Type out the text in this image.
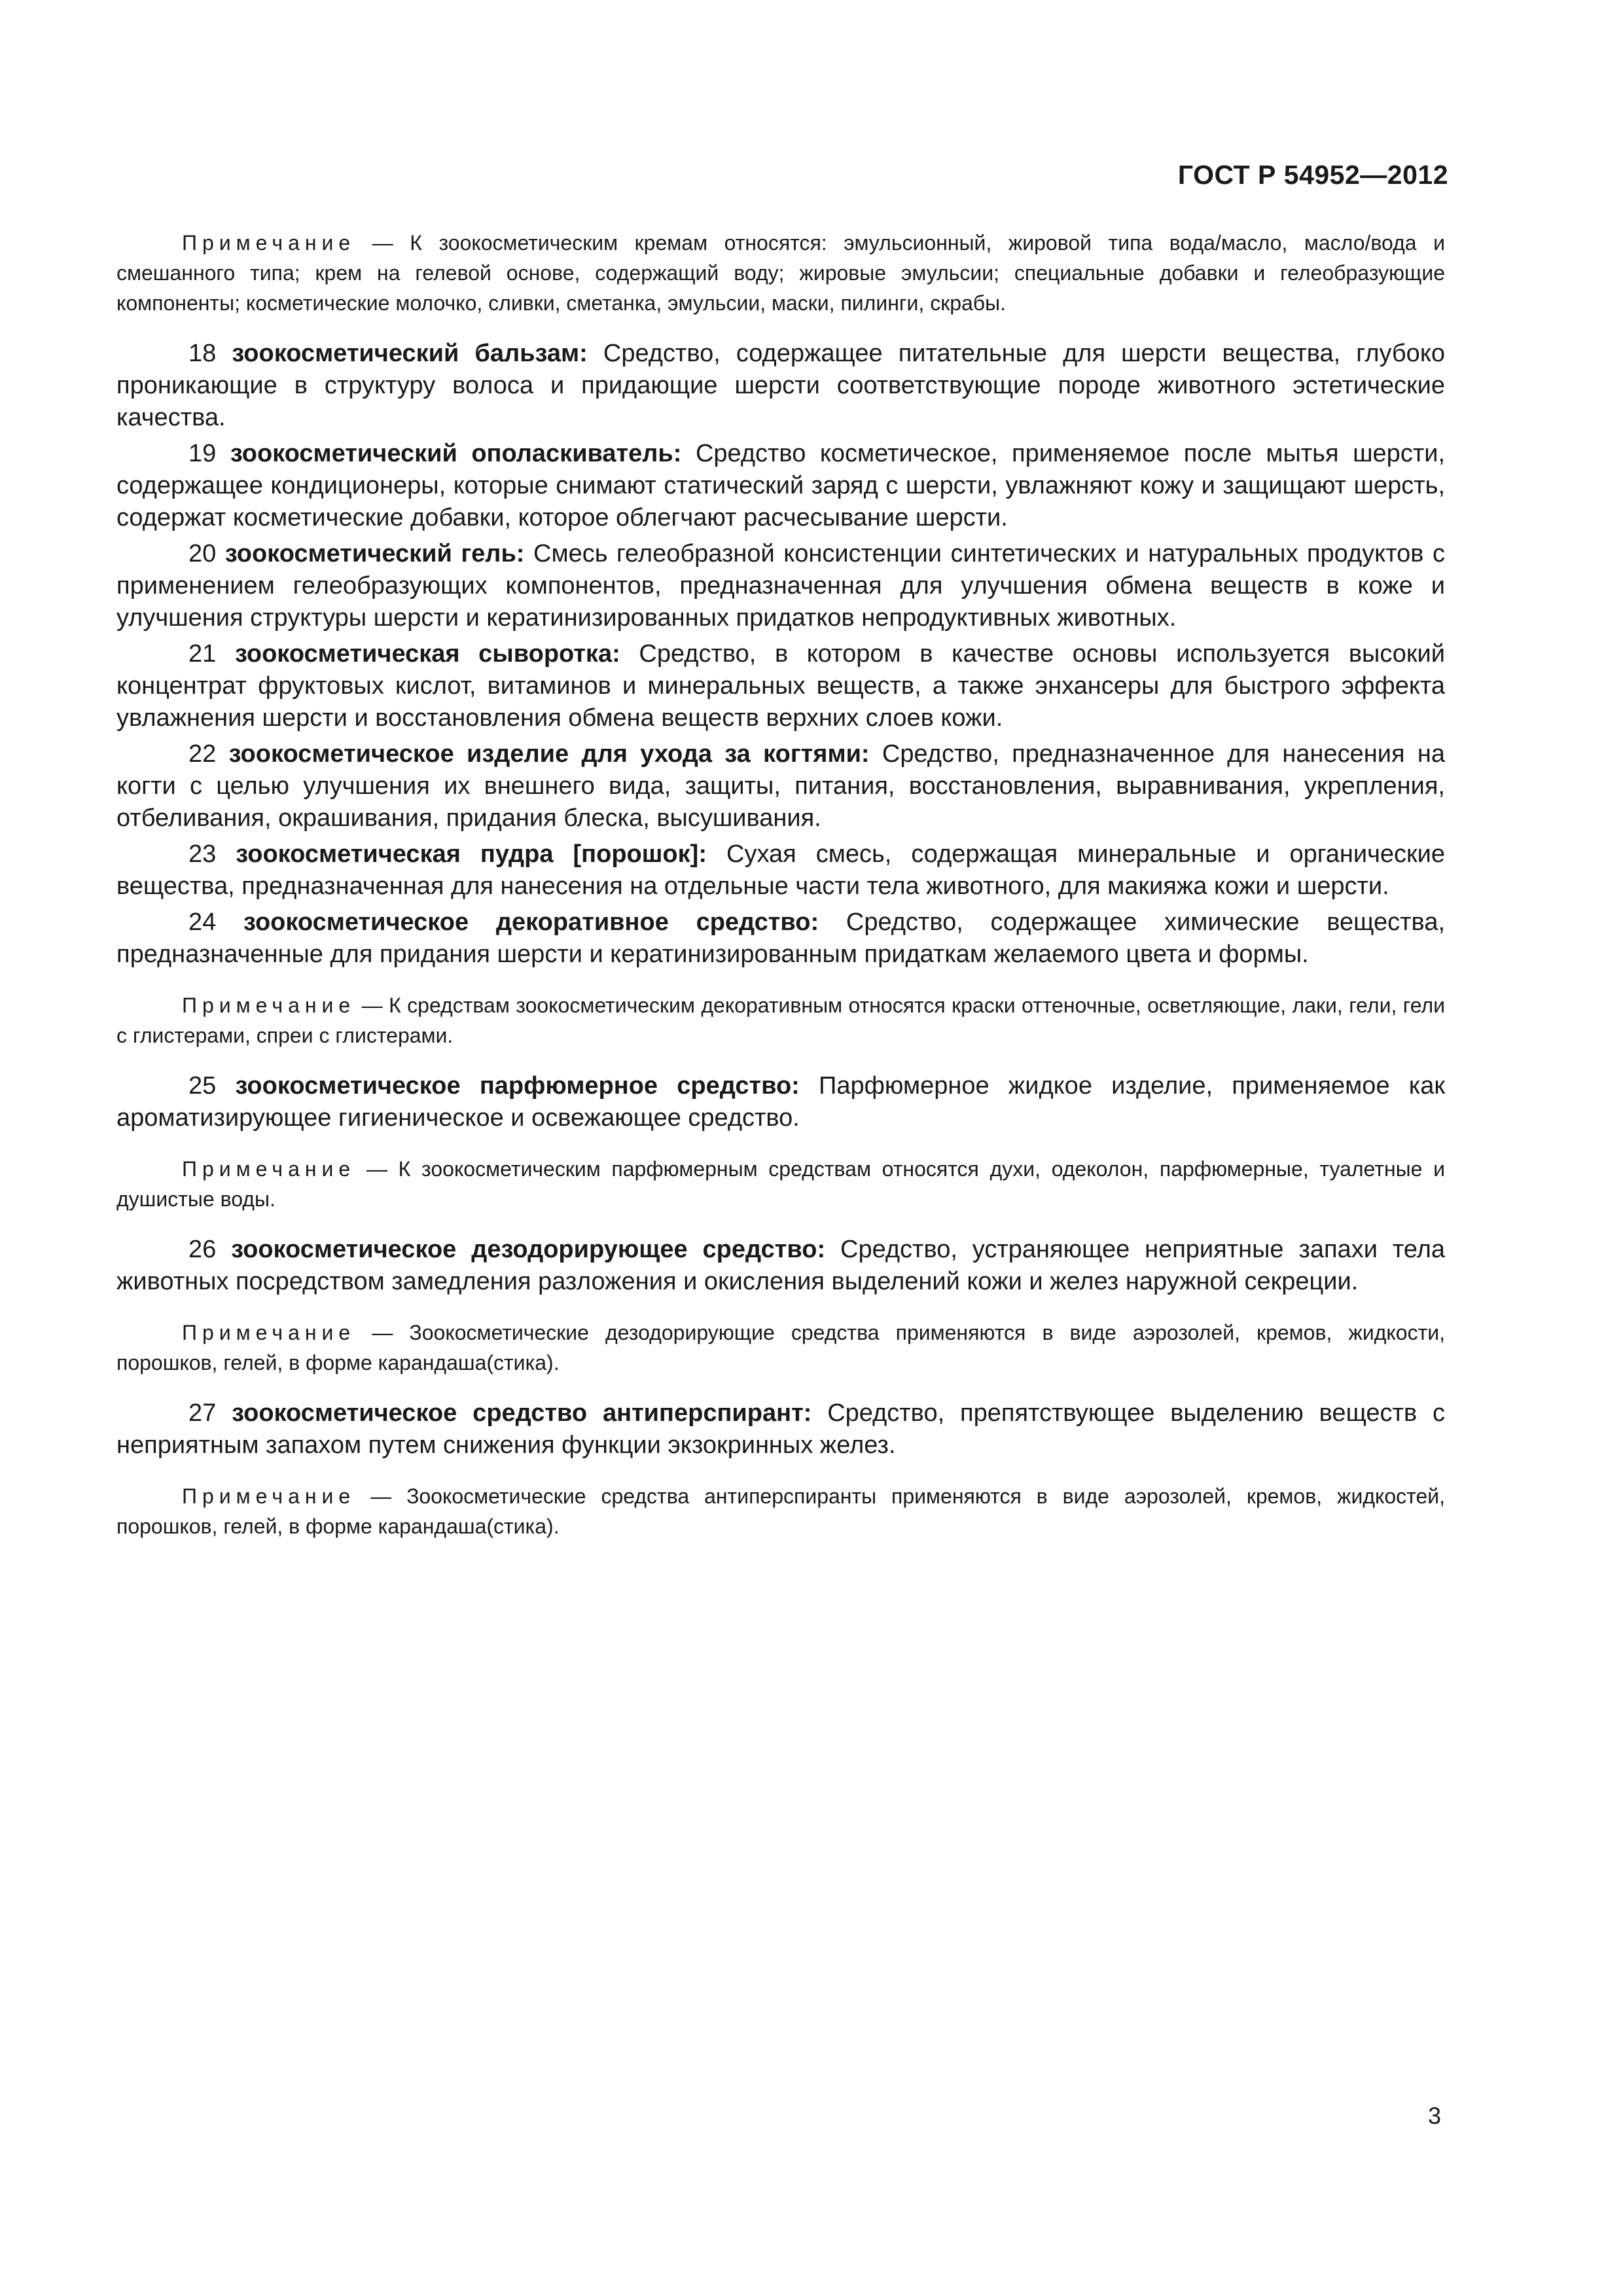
ГОСТ Р 54952—2012

Примечание — К зоокосметическим кремам относятся: эмульсионный, жировой типа вода/масло, масло/вода и смешанного типа; крем на гелевой основе, содержащий воду; жировые эмульсии; специальные добавки и гелеобразующие компоненты; косметические молочко, сливки, сметанка, эмульсии, маски, пилинги, скрабы.

18 зоокосметический бальзам: Средство, содержащее питательные для шерсти вещества, глубоко проникающие в структуру волоса и придающие шерсти соответствующие породе животного эстетические качества.

19 зоокосметический ополаскиватель: Средство косметическое, применяемое после мытья шерсти, содержащее кондиционеры, которые снимают статический заряд с шерсти, увлажняют кожу и защищают шерсть, содержат косметические добавки, которое облегчают расчесывание шерсти.

20 зоокосметический гель: Смесь гелеобразной консистенции синтетических и натуральных продуктов с применением гелеобразующих компонентов, предназначенная для улучшения обмена веществ в коже и улучшения структуры шерсти и кератинизированных придатков непродуктивных животных.

21 зоокосметическая сыворотка: Средство, в котором в качестве основы используется высокий концентрат фруктовых кислот, витаминов и минеральных веществ, а также энхансеры для быстрого эффекта увлажнения шерсти и восстановления обмена веществ верхних слоев кожи.

22 зоокосметическое изделие для ухода за когтями: Средство, предназначенное для нанесения на когти с целью улучшения их внешнего вида, защиты, питания, восстановления, выравнивания, укрепления, отбеливания, окрашивания, придания блеска, высушивания.

23 зоокосметическая пудра [порошок]: Сухая смесь, содержащая минеральные и органические вещества, предназначенная для нанесения на отдельные части тела животного, для макияжа кожи и шерсти.

24 зоокосметическое декоративное средство: Средство, содержащее химические вещества, предназначенные для придания шерсти и кератинизированным придаткам желаемого цвета и формы.

Примечание — К средствам зоокосметическим декоративным относятся краски оттеночные, осветляющие, лаки, гели, гели с глистерами, спреи с глистерами.

25 зоокосметическое парфюмерное средство: Парфюмерное жидкое изделие, применяемое как ароматизирующее гигиеническое и освежающее средство.

Примечание — К зоокосметическим парфюмерным средствам относятся духи, одеколон, парфюмерные, туалетные и душистые воды.

26 зоокосметическое дезодорирующее средство: Средство, устраняющее неприятные запахи тела животных посредством замедления разложения и окисления выделений кожи и желез наружной секреции.

Примечание — Зоокосметические дезодорирующие средства применяются в виде аэрозолей, кремов, жидкости, порошков, гелей, в форме карандаша(стика).

27 зоокосметическое средство антиперспирант: Средство, препятствующее выделению веществ с неприятным запахом путем снижения функции экзокринных желез.

Примечание — Зоокосметические средства антиперспиранты применяются в виде аэрозолей, кремов, жидкостей, порошков, гелей, в форме карандаша(стика).

3
